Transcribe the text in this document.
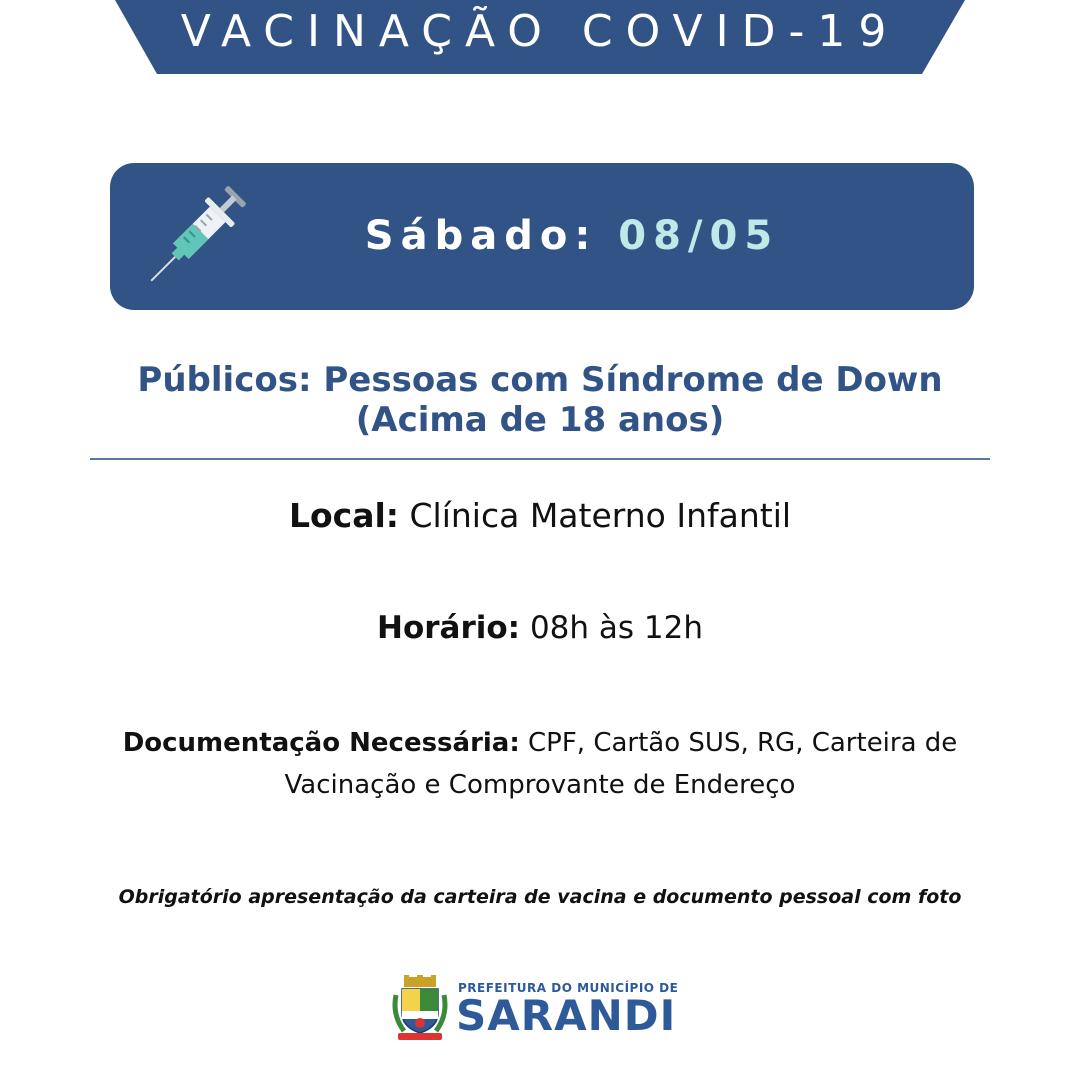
VACINAÇÃO COVID-19
Sábado: 08/05
Públicos: Pessoas com Síndrome de Down
(Acima de 18 anos)
Local: Clínica Materno Infantil
Horário: 08h às 12h
Documentação Necessária: CPF, Cartão SUS, RG, Carteira de Vacinação e Comprovante de Endereço
Obrigatório apresentação da carteira de vacina e documento pessoal com foto
PREFEITURA DO MUNICÍPIO DE
SARANDI
